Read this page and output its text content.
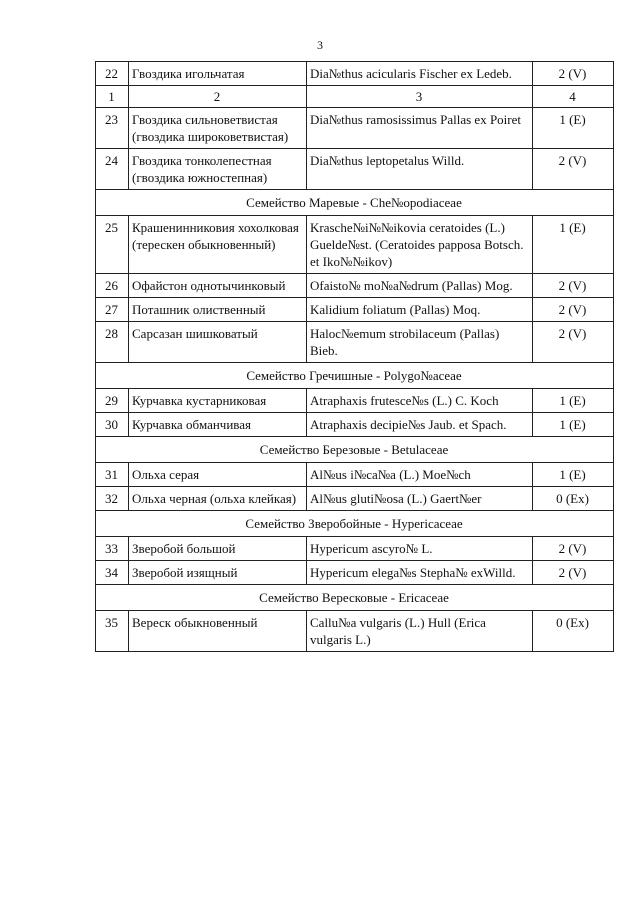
3
22	Гвоздика игольчатая	Dia№thus acicularis Fischer ex Ledeb.	2 (V)
1	2	3	4
23	Гвоздика сильноветвистая (гвоздика широковетвистая)	Dia№thus ramosissimus Pallas ex Poiret	1 (E)
24	Гвоздика тонколепестная (гвоздика южностепная)	Dia№thus leptopetalus Willd.	2 (V)
Семейство Маревые - Che№opodiaceae			
25	Крашенинниковия хохолковая (терескен обыкновенный)	Krasche№i№№ikovia ceratoides (L.) Guelde№st. (Ceratoides papposa Botsch. et Iko№№ikov)	1 (E)
26	Офайстон однотычинковый	Ofaisto№ mo№a№drum (Pallas) Mog.	2 (V)
27	Поташник олиственный	Kalidium foliatum (Pallas) Moq.	2 (V)
28	Сарсазан шишковатый	Haloc№emum strobilaceum (Pallas) Bieb.	2 (V)
Семейство Гречишные - Polygo№aceae			
29	Курчавка кустарниковая	Atraphaxis frutesce№s (L.) C. Koch	1 (E)
30	Курчавка обманчивая	Atraphaxis decipie№s Jaub. et Spach.	1 (E)
Семейство Березовые - Betulaceae			
31	Ольха серая	Al№us i№ca№a (L.) Moe№ch	1 (E)
32	Ольха черная (ольха клейкая)	Al№us gluti№osa (L.) Gaert№er	0 (Ex)
Семейство Зверобойные - Hypericaceae			
33	Зверобой большой	Hypericum ascyro№ L.	2 (V)
34	Зверобой изящный	Hypericum elega№s Stepha№ exWilld.	2 (V)
Семейство Вересковые - Ericaceae			
35	Вереск обыкновенный	Callu№a vulgaris (L.) Hull (Erica vulgaris L.)	0 (Ex)
